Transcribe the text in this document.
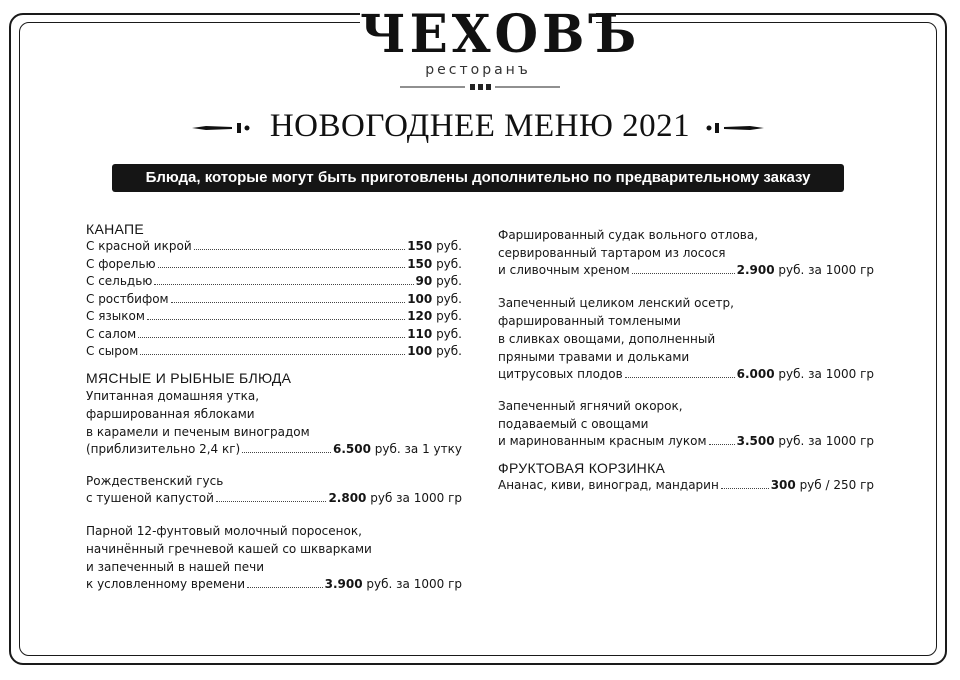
ЧЕХОВЪ
ресторанъ
НОВОГОДНЕЕ МЕНЮ 2021
Блюда, которые могут быть приготовлены дополнительно по предварительному заказу
КАНАПЕ
С красной икрой	150 руб.
С форелью	150 руб.
С сельдью	90 руб.
С ростбифом	100 руб.
С языком	120 руб.
С салом	110 руб.
С сыром	100 руб.
МЯСНЫЕ И РЫБНЫЕ БЛЮДА
Упитанная домашняя утка,
фаршированная яблоками
в карамели и печеным виноградом
(приблизительно 2,4 кг)	6.500 руб. за 1 утку
Рождественский гусь
с тушеной капустой	2.800 руб за 1000 гр
Парной 12-фунтовый молочный поросенок,
начинённый гречневой кашей со шкварками
и запеченный в нашей печи
к условленному времени	3.900 руб. за 1000 гр
Фаршированный судак вольного отлова,
сервированный тартаром из лосося
и сливочным хреном	2.900 руб. за 1000 гр
Запеченный целиком ленский осетр,
фаршированный томлеными
в сливках овощами, дополненный
пряными травами и дольками
цитрусовых плодов	6.000 руб. за 1000 гр
Запеченный ягнячий окорок,
подаваемый с овощами
и маринованным красным луком	3.500 руб. за 1000 гр
ФРУКТОВАЯ КОРЗИНКА
Ананас, киви, виноград, мандарин	300 руб / 250 гр
